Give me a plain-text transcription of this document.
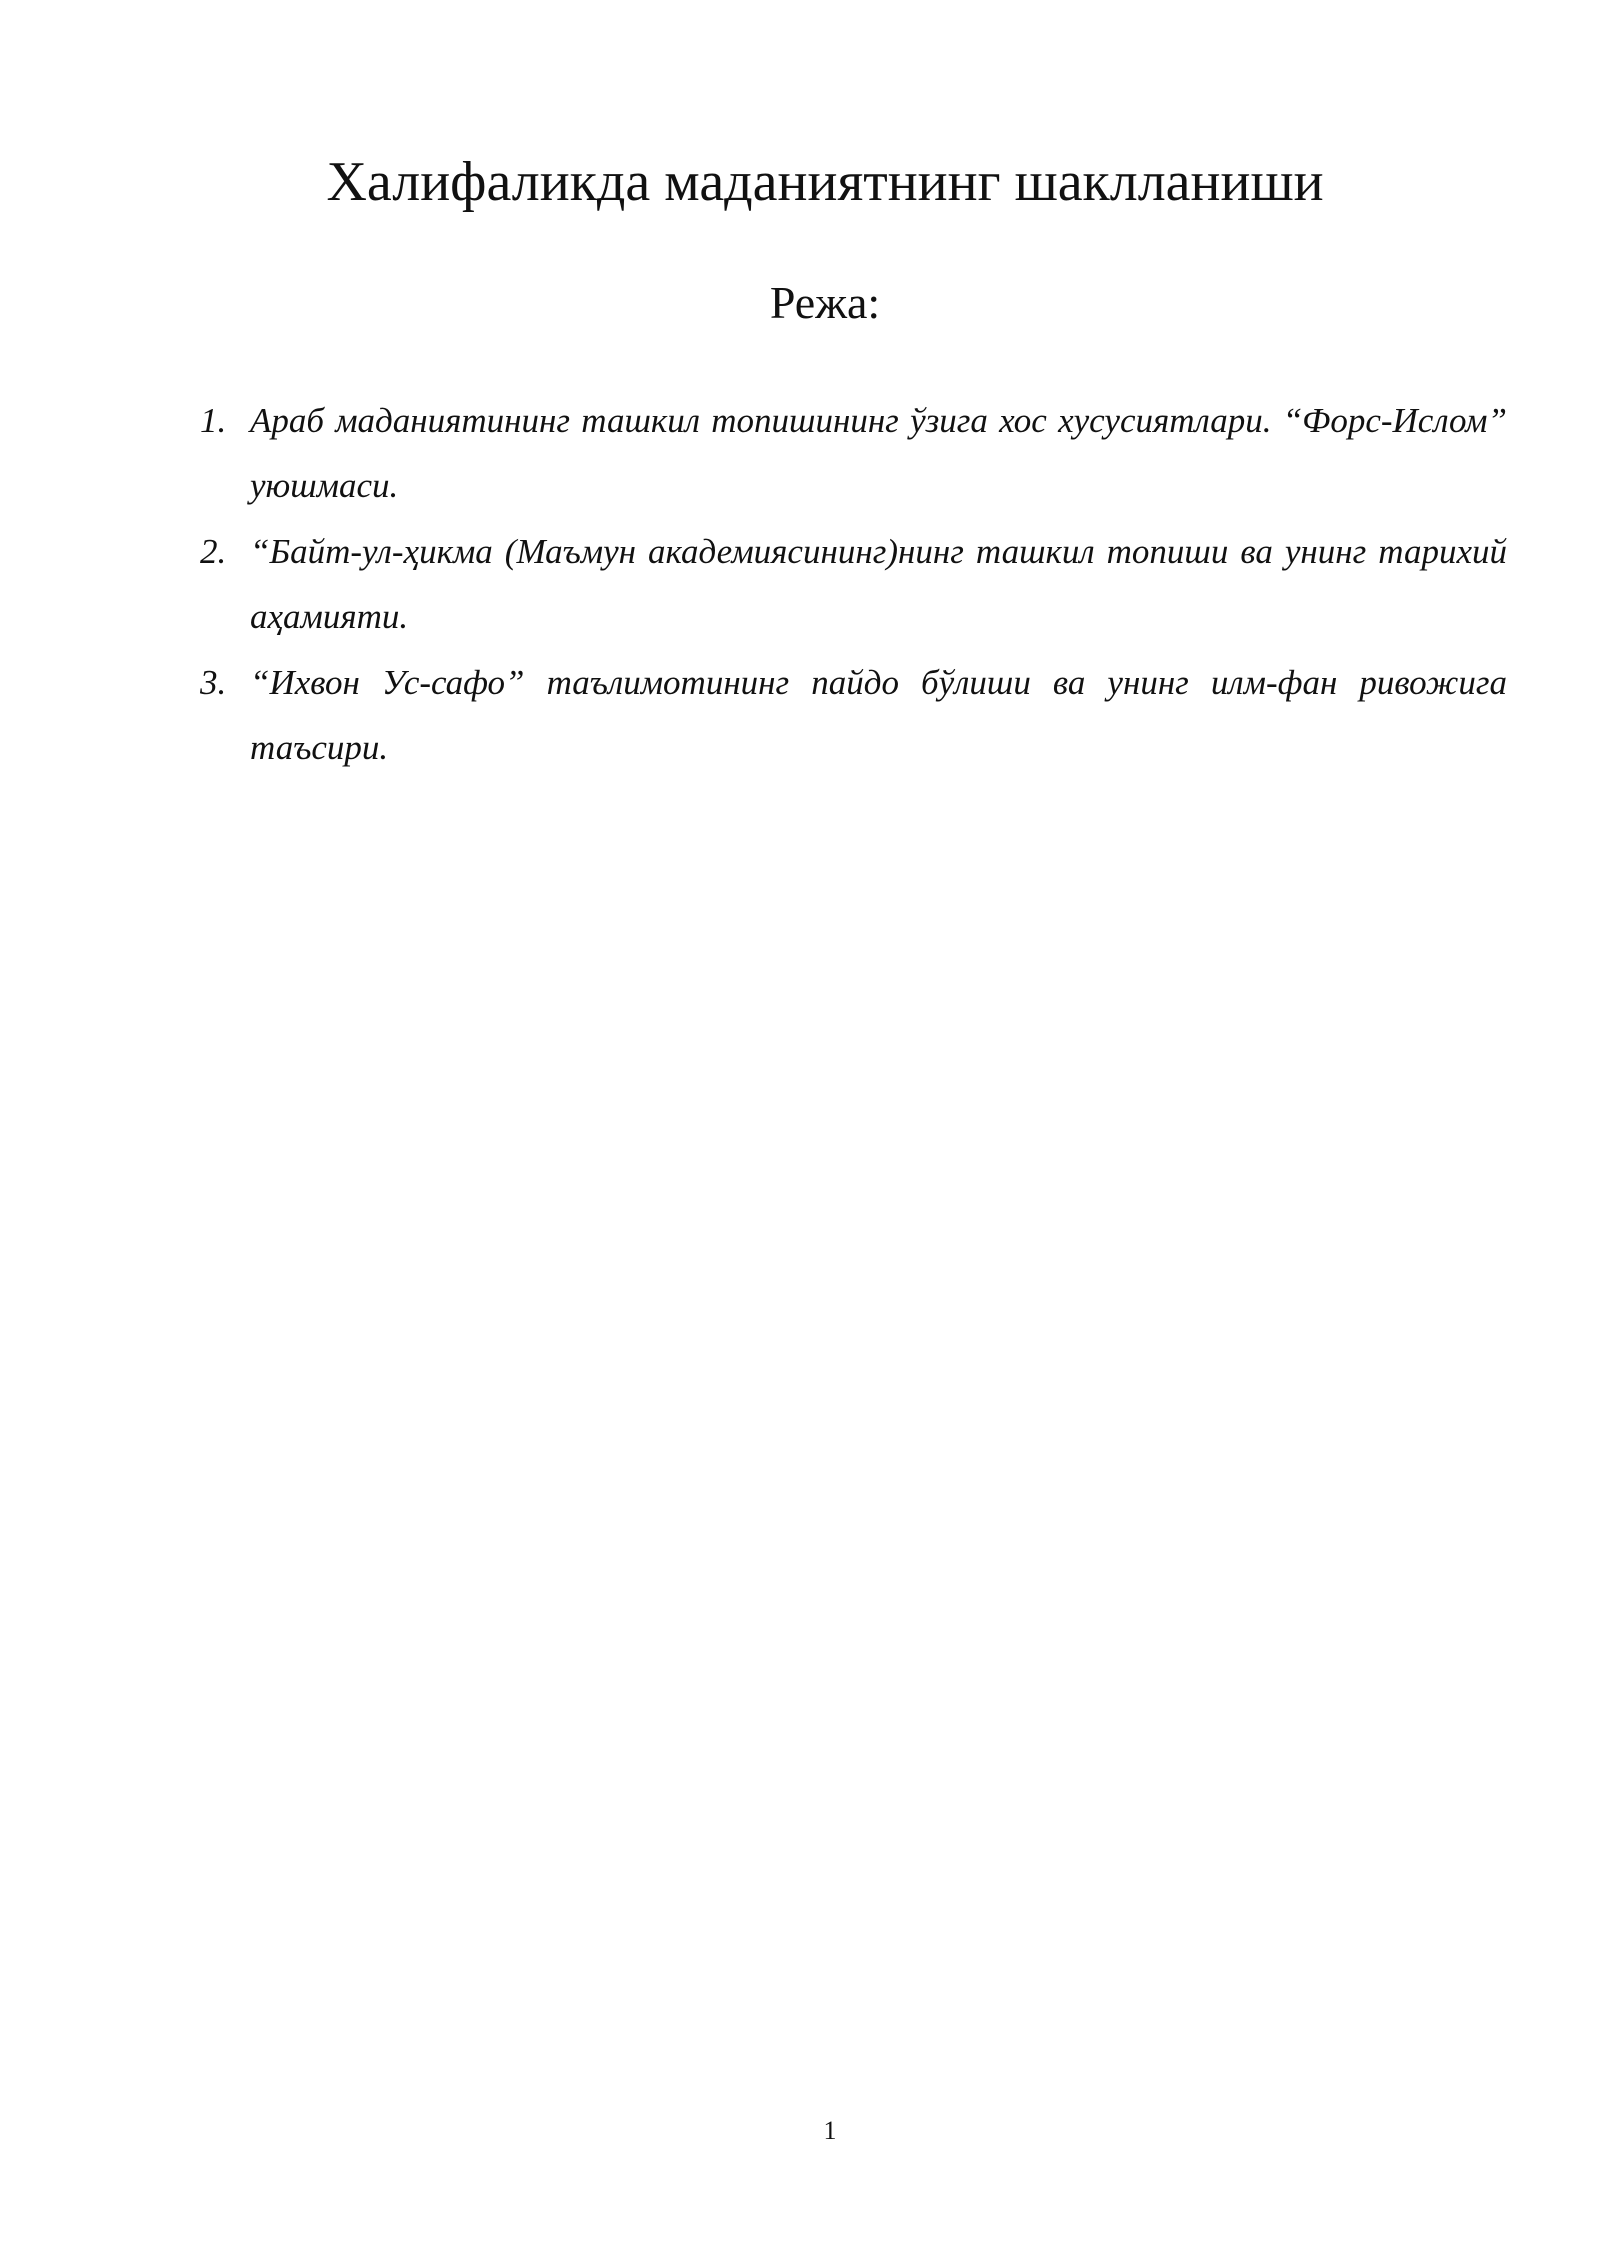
Халифаликда маданиятнинг шаклланиши
Режа:
1. Араб маданиятининг ташкил топишининг ўзига хос хусусиятлари. “Форс-Ислом” уюшмаси.
2. “Байт-ул-ҳикма (Маъмун академиясининг)нинг ташкил топиши ва унинг тарихий аҳамияти.
3. “Ихвон Ус-сафо” таълимотининг пайдо бўлиши ва унинг илм-фан ривожига таъсири.
1
